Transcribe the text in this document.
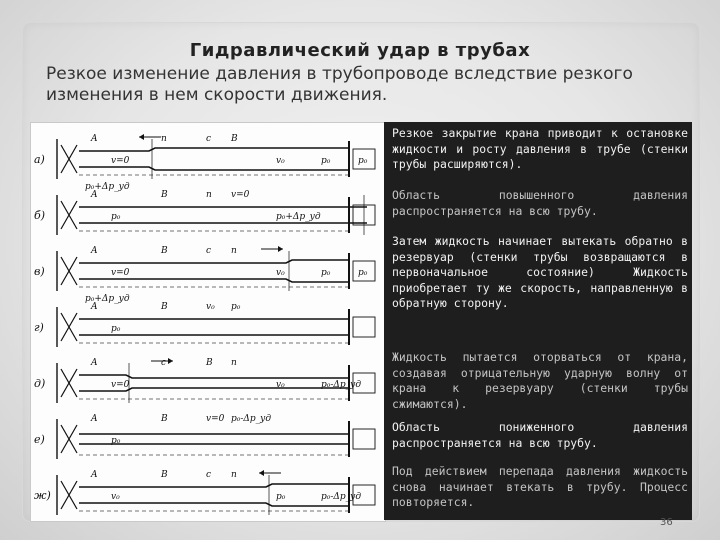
Гидравлический удар в трубах
Резкое изменение давления в трубопроводе вследствие резкого изменения в нем скорости движения.
а)
A	n	c B
v=0	v₀	p₀	p₀
p₀+Δp_уд
б)
A	B	n v=0
p₀	p₀+Δp_уд
в)
A	B	c n
v=0	v₀	p₀	p₀
p₀+Δp_уд
г)
A	B	v₀ p₀
p₀
д)
A	c	B n
v=0	v₀	p₀-Δp_уд
е)
A	B	v=0 p₀-Δp_уд
p₀
ж)
A	B	c n
v₀	p₀	p₀-Δp_уд
Резкое закрытие крана приводит к остановке жидкости и росту давления в трубе (стенки трубы расширяются).
Область повышенного давления распространяется на всю трубу.
Затем жидкость начинает вытекать обратно в резервуар (стенки трубы возвращаются в первоначальное состояние) Жидкость приобретает ту же скорость, направленную в обратную сторону.
Жидкость пытается оторваться от крана, создавая отрицательную ударную волну от крана к резервуару (стенки трубы сжимаются).
Область пониженного давления распространяется на всю трубу.
Под действием перепада давления жидкость снова начинает втекать в трубу. Процесс повторяется.
36
